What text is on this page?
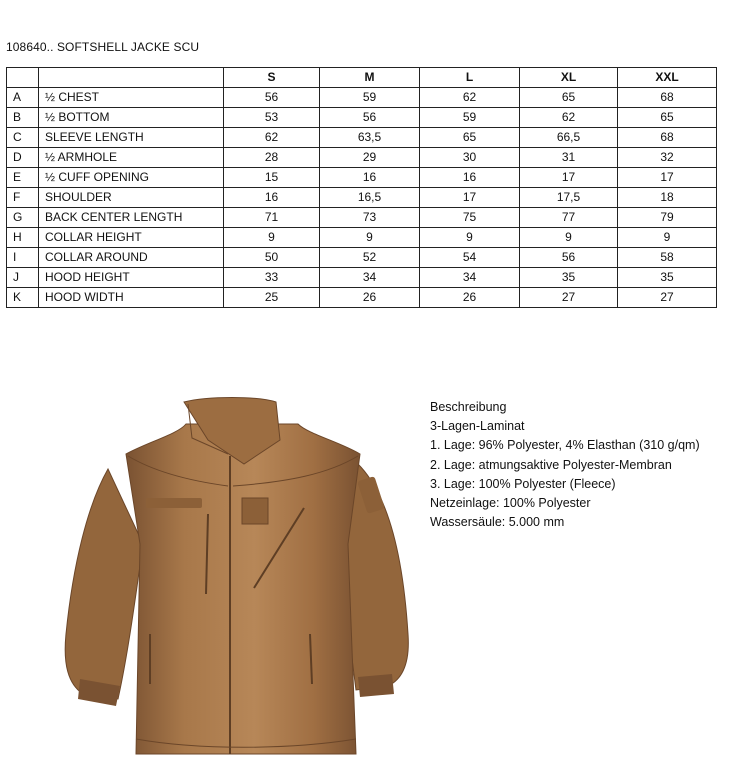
108640.. SOFTSHELL JACKE SCU
		S	M	L	XL	XXL
A	½ CHEST	56	59	62	65	68
B	½ BOTTOM	53	56	59	62	65
C	SLEEVE LENGTH	62	63,5	65	66,5	68
D	½ ARMHOLE	28	29	30	31	32
E	½ CUFF OPENING	15	16	16	17	17
F	SHOULDER	16	16,5	17	17,5	18
G	BACK CENTER LENGTH	71	73	75	77	79
H	COLLAR HEIGHT	9	9	9	9	9
I	COLLAR AROUND	50	52	54	56	58
J	HOOD HEIGHT	33	34	34	35	35
K	HOOD WIDTH	25	26	26	27	27
Beschreibung
3-Lagen-Laminat
1. Lage: 96% Polyester, 4% Elasthan (310 g/qm)
2. Lage: atmungsaktive Polyester-Membran
3. Lage: 100% Polyester (Fleece)
Netzeinlage: 100% Polyester
Wassersäule: 5.000 mm
